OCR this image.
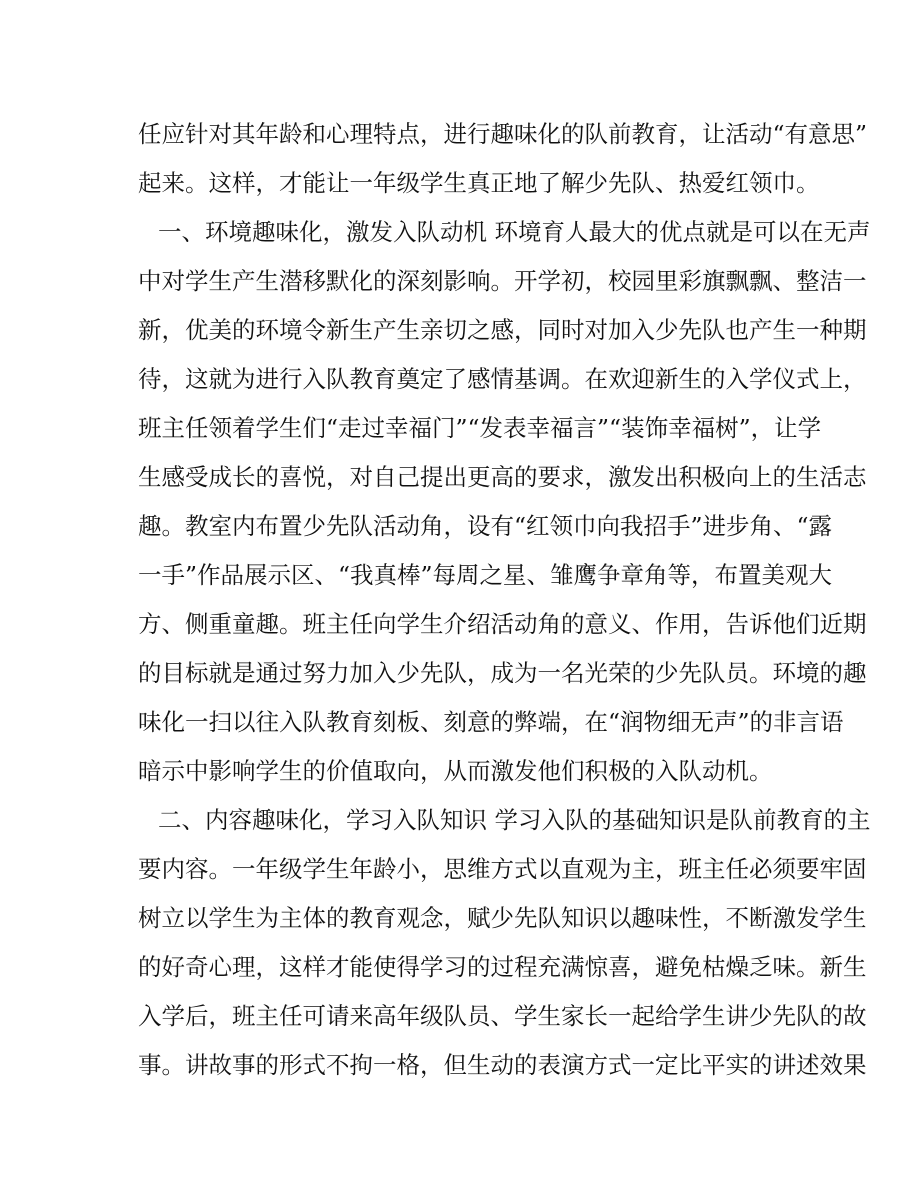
任应针对其年龄和心理特点，进行趣味化的队前教育，让活动“有意思”
起来。这样，才能让一年级学生真正地了解少先队、热爱红领巾。
一、环境趣味化，激发入队动机 环境育人最大的优点就是可以在无声
中对学生产生潜移默化的深刻影响。开学初，校园里彩旗飘飘、整洁一
新，优美的环境令新生产生亲切之感，同时对加入少先队也产生一种期
待，这就为进行入队教育奠定了感情基调。在欢迎新生的入学仪式上，
班主任领着学生们“走过幸福门”“发表幸福言”“装饰幸福树”，让学
生感受成长的喜悦，对自己提出更高的要求，激发出积极向上的生活志
趣。教室内布置少先队活动角，设有“红领巾向我招手”进步角、“露
一手”作品展示区、“我真棒”每周之星、雏鹰争章角等，布置美观大
方、侧重童趣。班主任向学生介绍活动角的意义、作用，告诉他们近期
的目标就是通过努力加入少先队，成为一名光荣的少先队员。环境的趣
味化一扫以往入队教育刻板、刻意的弊端，在“润物细无声”的非言语
暗示中影响学生的价值取向，从而激发他们积极的入队动机。
二、内容趣味化，学习入队知识 学习入队的基础知识是队前教育的主
要内容。一年级学生年龄小，思维方式以直观为主，班主任必须要牢固
树立以学生为主体的教育观念，赋少先队知识以趣味性，不断激发学生
的好奇心理，这样才能使得学习的过程充满惊喜，避免枯燥乏味。新生
入学后，班主任可请来高年级队员、学生家长一起给学生讲少先队的故
事。讲故事的形式不拘一格，但生动的表演方式一定比平实的讲述效果
